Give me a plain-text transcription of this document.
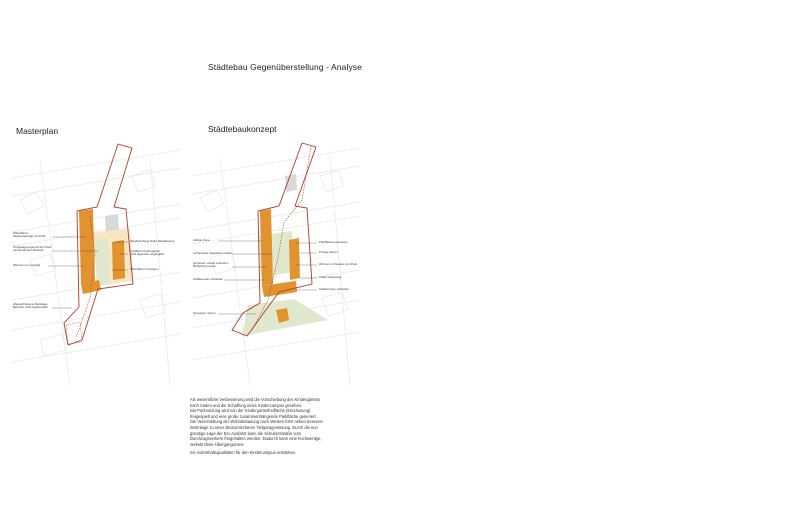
Städtebau Gegenüberstellung - Analyse
Masterplan	Städtebaukonzept
Öffentlichen
Kastnerpassage mit Park
Tiefgarage begrenzt den Park
mit räumlichen Abstand
Wohnen nur einseitig
Abgeschlossene Randlage
Bereiche nicht angebunden
Wegbeziehung bleibt Randbauung
Freifläche Kindergarten
nicht allgemein zugänglich
Öffentlicher Grünraum
Aufbau Zone
vorhandene Vegetation nutzen
Grünraum visuell verbinden
Beziehung nutzen
Straßenraum schließen
Synergien nutzen
Parkflächenoptimieren
Private Gärten
Wohnen im Westen zum Park
Urban Gardening
Straßenraum schließen

Als wesentliche Verbesserung wird die Vorschiebung des Kindergartens

nach Süden und die Schaffung eines Kindercampus gesehen.

Die Parknutzung wird von der Kindergartenfreifläche (Einzäunung)

freigespielt und eine große zusammenhängende Parkfläche generiert.

Die Verschiebung der Wohnbebauung nach Westen führt neben besserer

Wohnlage zu einer ökonomischeren Tiefgaragenlösung. Durch die nun

günstige Lage der Ein-Ausfahrt kann die Schubertstraße vom

Durchzugsverkehr freigehalten werden. Dadurch kann eine hochwertige,

verkehrsfreie Übergangszone

mit Aufenthaltsqualitäten für den Kindercampus entstehen.
